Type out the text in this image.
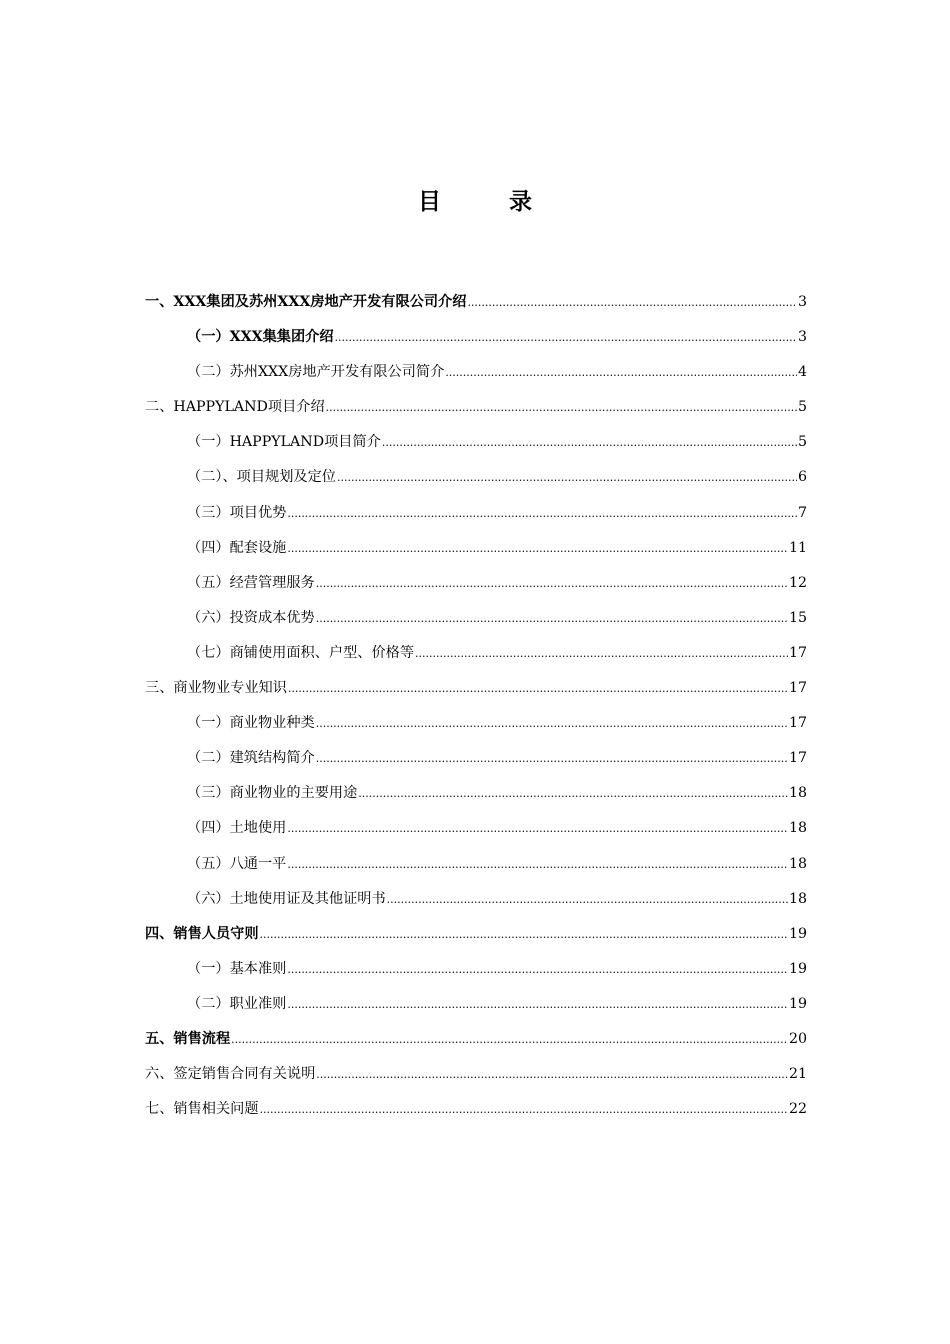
目 录
一、XXX集团及苏州XXX房地产开发有限公司介绍 .....	3
（一）XXX集集团介绍 .....	3
（二）苏州XXX房地产开发有限公司简介 .....	4
二、HAPPYLAND项目介绍 .....	5
（一）HAPPYLAND项目简介 .....	5
（二）、项目规划及定位 .....	6
（三）项目优势 .....	7
（四）配套设施 .....	11
（五）经营管理服务 .....	12
（六）投资成本优势 .....	15
（七）商铺使用面积、户型、价格等 .....	17
三、商业物业专业知识 .....	17
（一）商业物业种类 .....	17
（二）建筑结构简介 .....	17
（三）商业物业的主要用途 .....	18
（四）土地使用 .....	18
（五）八通一平 .....	18
（六）土地使用证及其他证明书 .....	18
四、销售人员守则 .....	19
（一）基本准则 .....	19
（二）职业准则 .....	19
五、销售流程 .....	20
六、签定销售合同有关说明 .....	21
七、销售相关问题 .....	22
